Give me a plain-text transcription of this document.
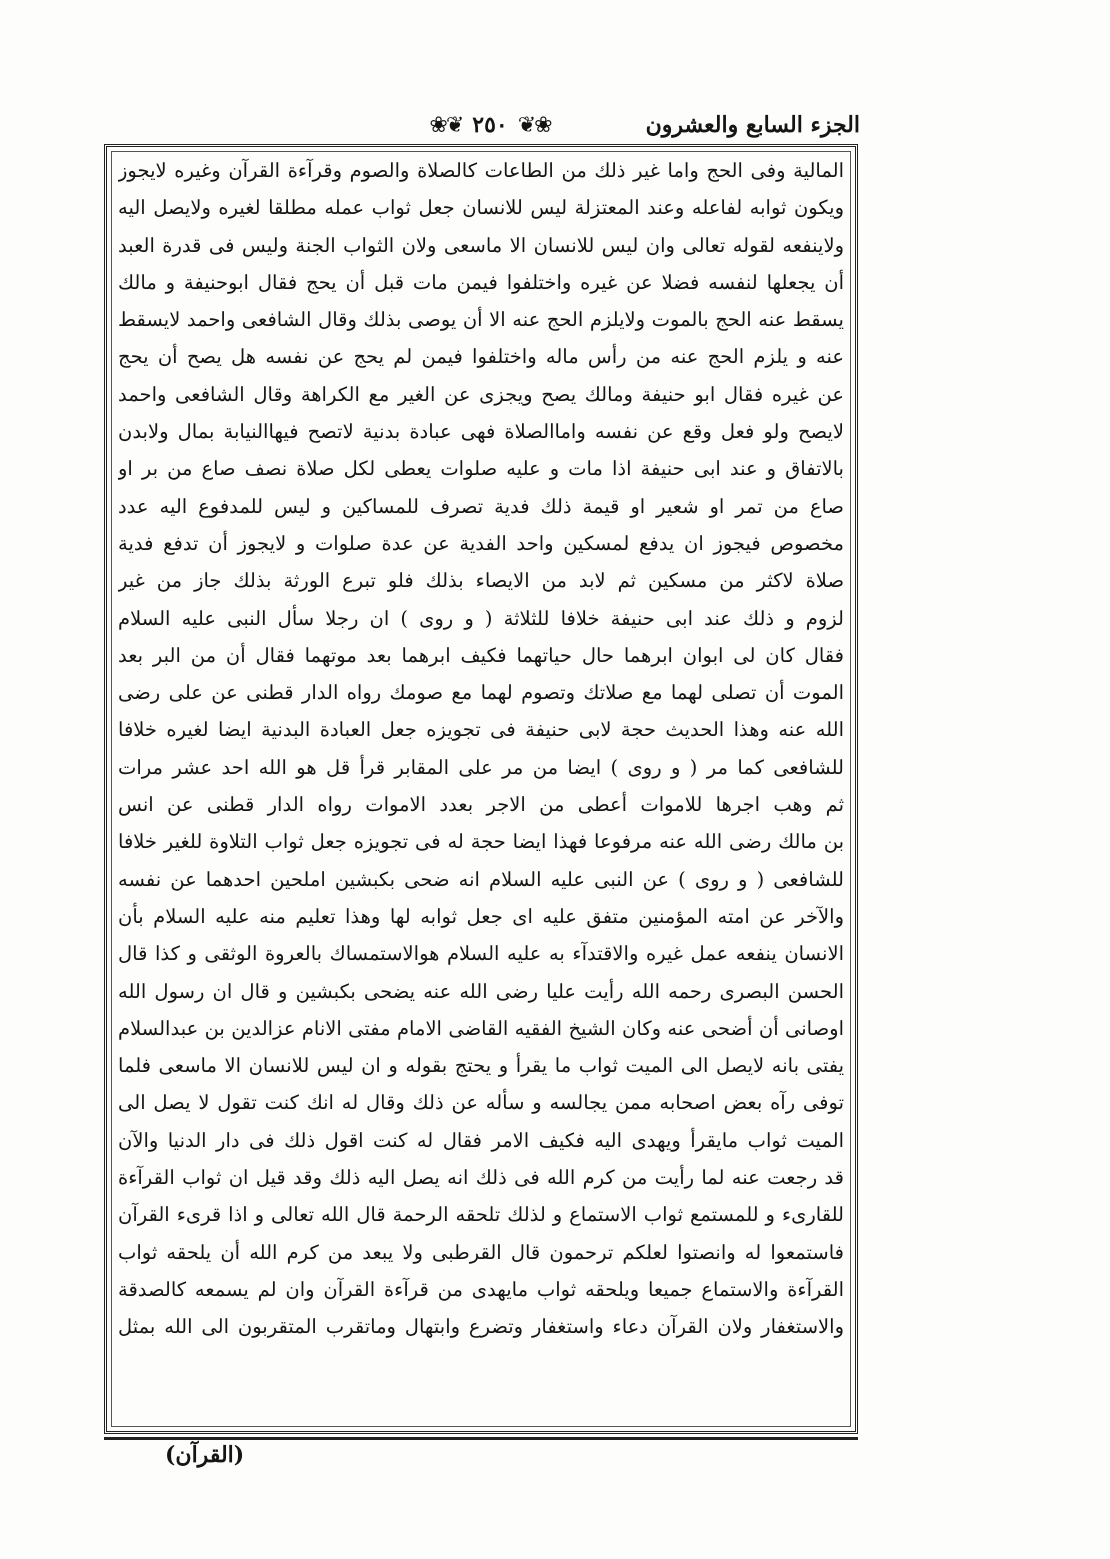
الجزء السابع والعشرون
❀❦ ٢٥٠ ❦❀
المالية وفى الحج واما غير ذلك من الطاعات كالصلاة والصوم وقرآءة القرآن وغيره لايجوز
ويكون ثوابه لفاعله وعند المعتزلة ليس للانسان جعل ثواب عمله مطلقا لغيره ولايصل اليه
ولاينفعه لقوله تعالى وان ليس للانسان الا ماسعى ولان الثواب الجنة وليس فى قدرة العبد
أن يجعلها لنفسه فضلا عن غيره واختلفوا فيمن مات قبل أن يحج فقال ابوحنيفة و مالك
يسقط عنه الحج بالموت ولايلزم الحج عنه الا أن يوصى بذلك وقال الشافعى واحمد لايسقط
عنه و يلزم الحج عنه من رأس ماله واختلفوا فيمن لم يحج عن نفسه هل يصح أن يحج
عن غيره فقال ابو حنيفة ومالك يصح ويجزى عن الغير مع الكراهة وقال الشافعى واحمد
لايصح ولو فعل وقع عن نفسه واماالصلاة فهى عبادة بدنية لاتصح فيهاالنيابة بمال ولابدن
بالاتفاق و عند ابى حنيفة اذا مات و عليه صلوات يعطى لكل صلاة نصف صاع من بر او
صاع من تمر او شعير او قيمة ذلك فدية تصرف للمساكين و ليس للمدفوع اليه عدد
مخصوص فيجوز ان يدفع لمسكين واحد الفدية عن عدة صلوات و لايجوز أن تدفع فدية
صلاة لاكثر من مسكين ثم لابد من الايصاء بذلك فلو تبرع الورثة بذلك جاز من غير
لزوم و ذلك عند ابى حنيفة خلافا للثلاثة ( و روى ) ان رجلا سأل النبى عليه السلام
فقال كان لى ابوان ابرهما حال حياتهما فكيف ابرهما بعد موتهما فقال أن من البر بعد
الموت أن تصلى لهما مع صلاتك وتصوم لهما مع صومك رواه الدار قطنى عن على رضى
الله عنه وهذا الحديث حجة لابى حنيفة فى تجويزه جعل العبادة البدنية ايضا لغيره خلافا
للشافعى كما مر ( و روى ) ايضا من مر على المقابر قرأ قل هو الله احد عشر مرات
ثم وهب اجرها للاموات أعطى من الاجر بعدد الاموات رواه الدار قطنى عن انس
بن مالك رضى الله عنه مرفوعا فهذا ايضا حجة له فى تجويزه جعل ثواب التلاوة للغير خلافا
للشافعى ( و روى ) عن النبى عليه السلام انه ضحى بكبشين املحين احدهما عن نفسه
والآخر عن امته المؤمنين متفق عليه اى جعل ثوابه لها وهذا تعليم منه عليه السلام بأن
الانسان ينفعه عمل غيره والاقتدآء به عليه السلام هوالاستمساك بالعروة الوثقى و كذا قال
الحسن البصرى رحمه الله رأيت عليا رضى الله عنه يضحى بكبشين و قال ان رسول الله
اوصانى أن أضحى عنه وكان الشيخ الفقيه القاضى الامام مفتى الانام عزالدين بن عبدالسلام
يفتى بانه لايصل الى الميت ثواب ما يقرأ و يحتج بقوله و ان ليس للانسان الا ماسعى فلما
توفى رآه بعض اصحابه ممن يجالسه و سأله عن ذلك وقال له انك كنت تقول لا يصل الى
الميت ثواب مايقرأ ويهدى اليه فكيف الامر فقال له كنت اقول ذلك فى دار الدنيا والآن
قد رجعت عنه لما رأيت من كرم الله فى ذلك انه يصل اليه ذلك وقد قيل ان ثواب القرآءة
للقارىء و للمستمع ثواب الاستماع و لذلك تلحقه الرحمة قال الله تعالى و اذا قرىء القرآن
فاستمعوا له وانصتوا لعلكم ترحمون قال القرطبى ولا يبعد من كرم الله أن يلحقه ثواب
القرآءة والاستماع جميعا ويلحقه ثواب مايهدى من قرآءة القرآن وان لم يسمعه كالصدقة
والاستغفار ولان القرآن دعاء واستغفار وتضرع وابتهال وماتقرب المتقربون الى الله بمثل
(القرآن)
